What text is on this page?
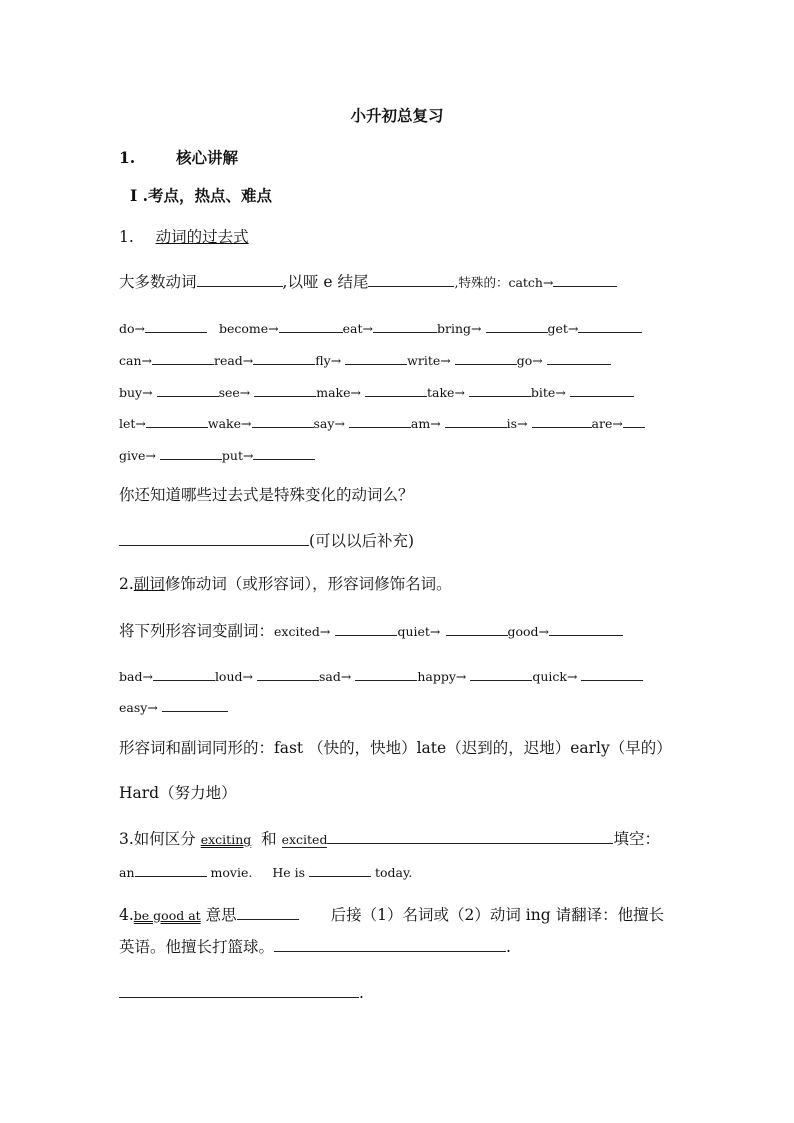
小升初总复习
1.	核心讲解
I .考点，热点、难点
1. 动词的过去式
大多数动词	,以哑 e 结尾	,特殊的：catch→
do→	become→	eat→	bring→	get→
can→	read→	fly→	write→	go→
buy→	see→	make→	take→	bite→
let→	wake→	say→	am→	is→	are→
give→	put→
你还知道哪些过去式是特殊变化的动词么？
(可以以后补充)
2.副词修饰动词（或形容词），形容词修饰名词。
将下列形容词变副词：excited→	quiet→	good→
bad→	loud→	sad→	happy→	quick→
easy→
形容词和副词同形的：fast （快的，快地）late（迟到的，迟地）early（早的）
Hard（努力地）
3.如何区分 exciting 和 excited	填空：
an	movie. He is	today.
4.be good at 意思	后接（1）名词或（2）动词 ing 请翻译：他擅长
英语。他擅长打篮球。	.
.
